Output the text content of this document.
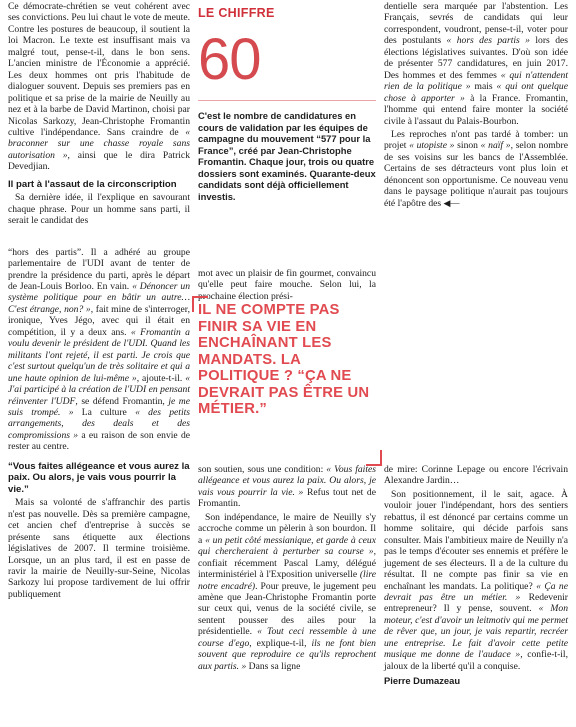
Ce démocrate-chrétien se veut cohérent avec ses convictions. Peu lui chaut le vote de meute. Contre les postures de beaucoup, il soutient la loi Macron. Le texte est insuffisant mais va malgré tout, pense-t-il, dans le bon sens. L'ancien ministre de l'Économie a apprécié. Les deux hommes ont pris l'habitude de dialoguer souvent. Depuis ses premiers pas en politique et sa prise de la mairie de Neuilly au nez et à la barbe de David Martinon, choisi par Nicolas Sarkozy, Jean-Christophe Fromantin cultive l'indépendance. Sans craindre de « braconner sur une chasse royale sans autorisation », ainsi que le dira Patrick Devedjian.

Il part à l'assaut de la circonscription

Sa dernière idée, il l'explique en savourant chaque phrase. Pour un homme sans parti, il serait le candidat des

“hors des partis”. Il a adhéré au groupe parlementaire de l'UDI avant de tenter de prendre la présidence du parti, après le départ de Jean-Louis Borloo. En vain. « Dénoncer un système politique pour en bâtir un autre… C'est étrange, non? », fait mine de s'interroger, ironique, Yves Jégo, avec qui il était en compétition, il y a deux ans. « Fromantin a voulu devenir le président de l'UDI. Quand les militants l'ont rejeté, il est parti. Je crois que c'est surtout quelqu'un de très solitaire et qui a une haute opinion de lui-même », ajoute-t-il. « J'ai participé à la création de l'UDI en pensant réinventer l'UDF, se défend Fromantin, je me suis trompé. » La culture « des petits arrangements, des deals et des compromissions » a eu raison de son envie de rester au centre.

“Vous faites allégeance et vous aurez la paix. Ou alors, je vais vous pourrir la vie.”

Mais sa volonté de s'affranchir des partis n'est pas nouvelle. Dès sa première campagne, cet ancien chef d'entreprise à succès se présente sans étiquette aux élections législatives de 2007. Il termine troisième. Lorsque, un an plus tard, il est en passe de ravir la mairie de Neuilly-sur-Seine, Nicolas Sarkozy lui propose tardivement de lui offrir publiquement

LE CHIFFRE
60
C'est le nombre de candidatures en cours de validation par les équipes de campagne du mouvement “577 pour la France”, créé par Jean-Christophe Fromantin. Chaque jour, trois ou quatre dossiers sont examinés. Quarante-deux candidats sont déjà officiellement investis.

mot avec un plaisir de fin gourmet, convaincu qu'elle peut faire mouche. Selon lui, la prochaine élection prési-

IL NE COMPTE PAS FINIR SA VIE EN ENCHAÎNANT LES MANDATS. LA POLITIQUE ? “ÇA NE DEVRAIT PAS ÊTRE UN MÉTIER.”

son soutien, sous une condition: « Vous faites allégeance et vous aurez la paix. Ou alors, je vais vous pourrir la vie. » Refus tout net de Fromantin.

Son indépendance, le maire de Neuilly s'y accroche comme un pèlerin à son bourdon. Il a « un petit côté messianique, et garde à ceux qui chercheraient à perturber sa course », confiait récemment Pascal Lamy, délégué interministériel à l'Exposition universelle (lire notre encadré). Pour preuve, le jugement peu amène que Jean-Christophe Fromantin porte sur ceux qui, venus de la société civile, se sentent pousser des ailes pour la présidentielle. « Tout ceci ressemble à une course d'ego, explique-t-il, ils ne font bien souvent que reproduire ce qu'ils reprochent aux partis. » Dans sa ligne

dentielle sera marquée par l'abstention. Les Français, sevrés de candidats qui leur correspondent, voudront, pense-t-il, voter pour des postulants « hors des partis » lors des élections législatives suivantes. D'où son idée de présenter 577 candidatures, en juin 2017. Des hommes et des femmes « qui n'attendent rien de la politique » mais « qui ont quelque chose à apporter » à la France. Fromantin, l'homme qui entend faire monter la société civile à l'assaut du Palais-Bourbon.

Les reproches n'ont pas tardé à tomber: un projet « utopiste » sinon « naïf », selon nombre de ses voisins sur les bancs de l'Assemblée. Certains de ses détracteurs vont plus loin et dénoncent son opportunisme. Ce nouveau venu dans le paysage politique n'aurait pas toujours été l'apôtre des ◀—

de mire: Corinne Lepage ou encore l'écrivain Alexandre Jardin…

Son positionnement, il le sait, agace. À vouloir jouer l'indépendant, hors des sentiers rebattus, il est dénoncé par certains comme un homme solitaire, qui décide parfois sans consulter. Mais l'ambitieux maire de Neuilly n'a pas le temps d'écouter ses ennemis et préfère le jugement de ses électeurs. Il a de la culture du résultat. Il ne compte pas finir sa vie en enchaînant les mandats. La politique? « Ça ne devrait pas être un métier. » Redevenir entrepreneur? Il y pense, souvent. « Mon moteur, c'est d'avoir un leitmotiv qui me permet de rêver que, un jour, je vais repartir, recréer une entreprise. Le fait d'avoir cette petite musique me donne de l'audace », confie-t-il, jaloux de la liberté qu'il a conquise.

Pierre Dumazeau
